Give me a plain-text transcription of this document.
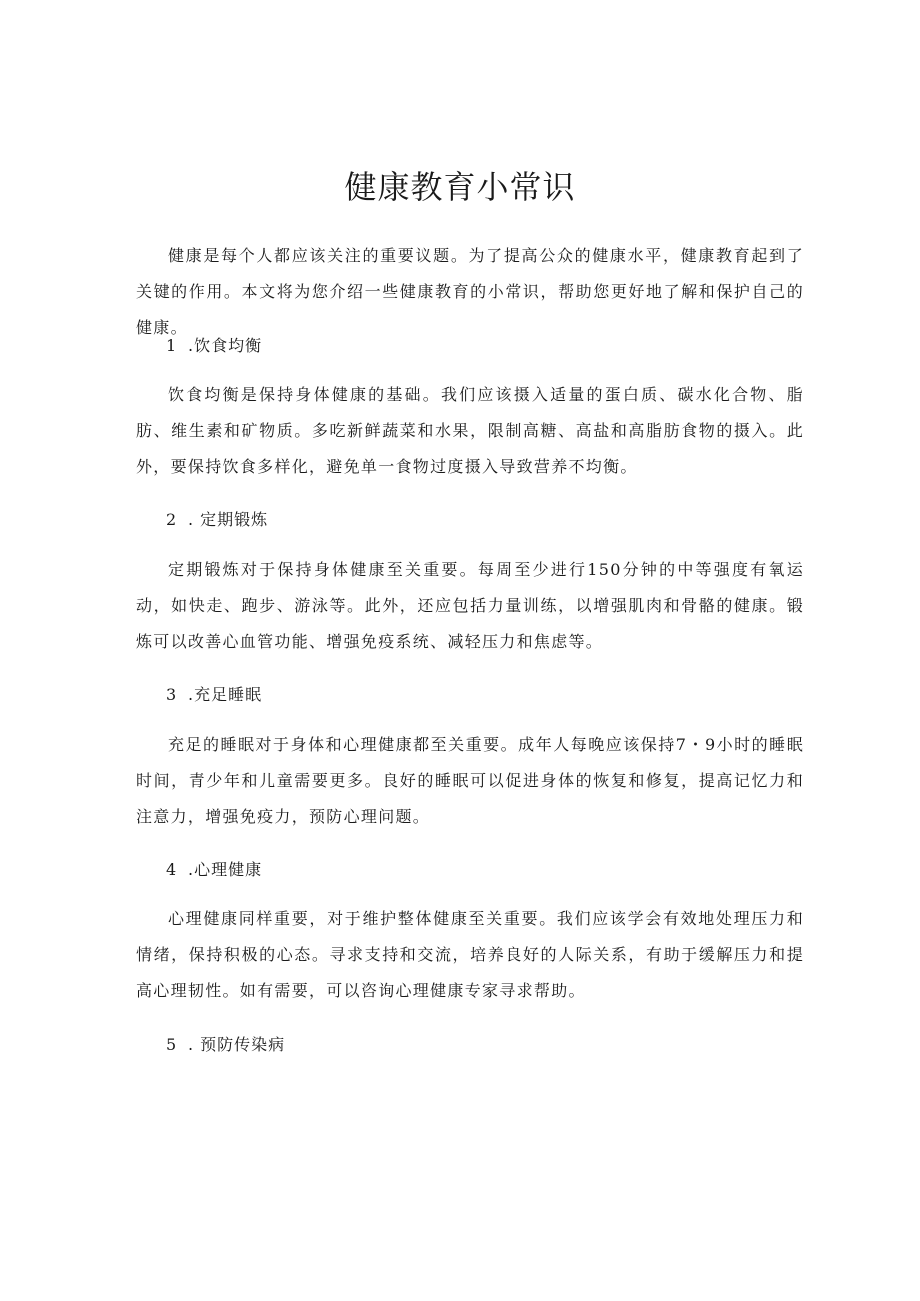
健康教育小常识

健康是每个人都应该关注的重要议题。为了提高公众的健康水平，健康教育起到了关键的作用。本文将为您介绍一些健康教育的小常识，帮助您更好地了解和保护自己的健康。

1 .饮食均衡

饮食均衡是保持身体健康的基础。我们应该摄入适量的蛋白质、碳水化合物、脂肪、维生素和矿物质。多吃新鲜蔬菜和水果，限制高糖、高盐和高脂肪食物的摄入。此外，要保持饮食多样化，避免单一食物过度摄入导致营养不均衡。

2 . 定期锻炼

定期锻炼对于保持身体健康至关重要。每周至少进行150分钟的中等强度有氧运动，如快走、跑步、游泳等。此外，还应包括力量训练，以增强肌肉和骨骼的健康。锻炼可以改善心血管功能、增强免疫系统、减轻压力和焦虑等。

3 .充足睡眠

充足的睡眠对于身体和心理健康都至关重要。成年人每晚应该保持7・9小时的睡眠时间，青少年和儿童需要更多。良好的睡眠可以促进身体的恢复和修复，提高记忆力和注意力，增强免疫力，预防心理问题。

4 .心理健康

心理健康同样重要，对于维护整体健康至关重要。我们应该学会有效地处理压力和情绪，保持积极的心态。寻求支持和交流，培养良好的人际关系，有助于缓解压力和提高心理韧性。如有需要，可以咨询心理健康专家寻求帮助。

5 . 预防传染病
